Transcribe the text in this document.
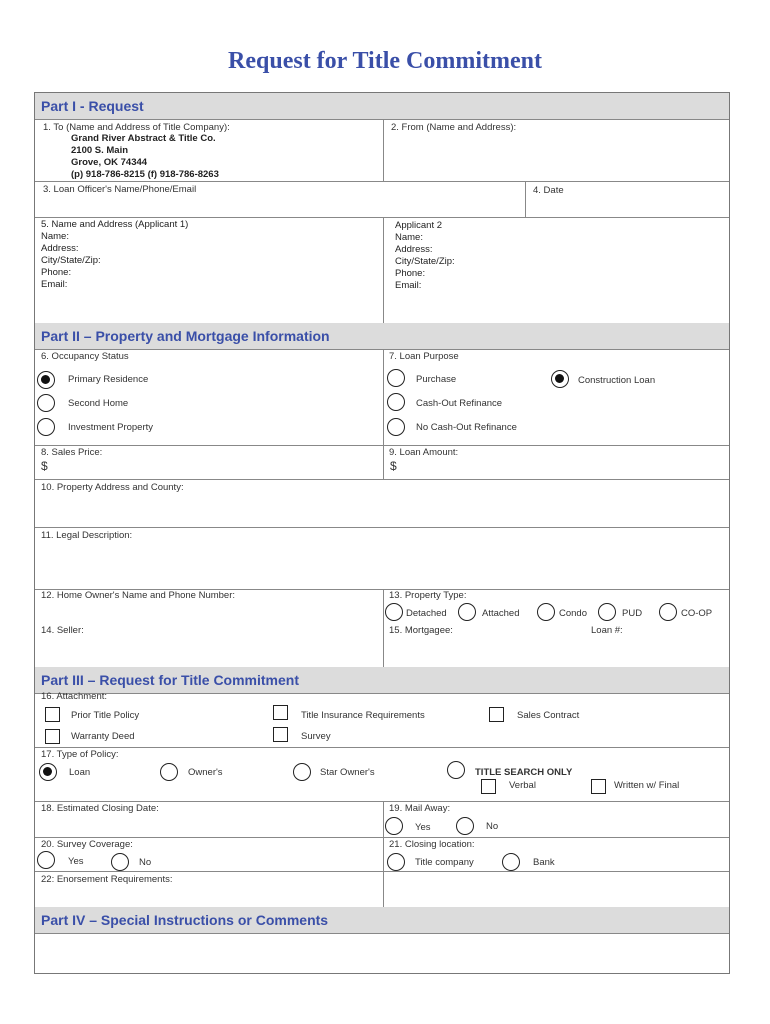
Request for Title Commitment
Part I - Request
1. To (Name and Address of Title Company):
Grand River Abstract & Title Co.
2100 S. Main
Grove, OK 74344
(p) 918-786-8215 (f) 918-786-8263
2. From (Name and Address):
3. Loan Officer's Name/Phone/Email	4. Date
5. Name and Address (Applicant 1)
Name:
Address:
City/State/Zip:
Phone:
Email:
Applicant 2
Name:
Address:
City/State/Zip:
Phone:
Email:
Part II – Property and Mortgage Information
6. Occupancy Status	7. Loan Purpose
Primary Residence
Second Home
Investment Property
Purchase
Cash-Out Refinance
No Cash-Out Refinance
Construction Loan
8. Sales Price:
$
9. Loan Amount:
$
10. Property Address and County:
11. Legal Description:
12. Home Owner's Name and Phone Number:	13. Property Type:
Detached	Attached	Condo	PUD	CO-OP
14. Seller:	15. Mortgagee:	Loan #:
Part III – Request for Title Commitment
16. Attachment:
Prior Title Policy
Warranty Deed
Title Insurance Requirements
Survey
Sales Contract
17. Type of Policy:
Loan	Owner's	Star Owner's	TITLE SEARCH ONLY
Verbal	Written w/ Final
18. Estimated Closing Date:	19. Mail Away:
Yes	No
20. Survey Coverage:
Yes	No
21. Closing location:
Title company	Bank
22: Enorsement Requirements:
Part IV – Special Instructions or Comments
